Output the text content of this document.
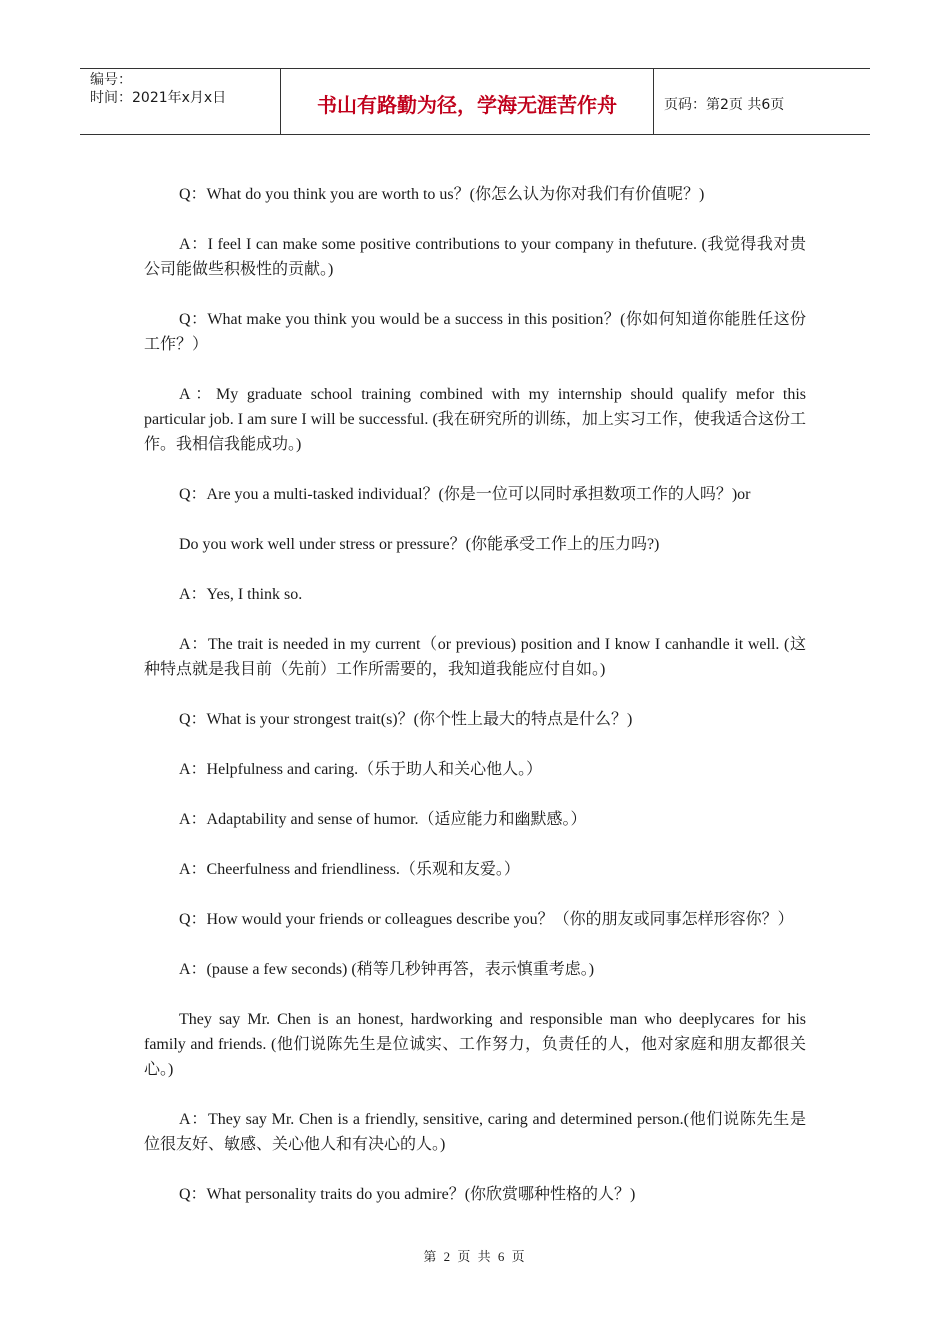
编号：
时间：2021年x月x日	书山有路勤为径，学海无涯苦作舟	页码：第2页 共6页

Q：What do you think you are worth to us？(你怎么认为你对我们有价值呢？)

A：I feel I can make some positive contributions to your company in thefuture. (我觉得我对贵公司能做些积极性的贡献。)

Q：What make you think you would be a success in this position？(你如何知道你能胜任这份工作？）

A：My graduate school training combined with my internship should qualify mefor this particular job. I am sure I will be successful. (我在研究所的训练，加上实习工作，使我适合这份工作。我相信我能成功。)

Q：Are you a multi-tasked individual？(你是一位可以同时承担数项工作的人吗？)or

Do you work well under stress or pressure？(你能承受工作上的压力吗?)

A：Yes, I think so.

A：The trait is needed in my current（or previous) position and I know I canhandle it well. (这种特点就是我目前（先前）工作所需要的，我知道我能应付自如。)

Q：What is your strongest trait(s)？(你个性上最大的特点是什么？)

A：Helpfulness and caring.（乐于助人和关心他人。）

A：Adaptability and sense of humor.（适应能力和幽默感。）

A：Cheerfulness and friendliness.（乐观和友爱。）

Q：How would your friends or colleagues describe you？（你的朋友或同事怎样形容你？）

A：(pause a few seconds) (稍等几秒钟再答，表示慎重考虑。)

They say Mr. Chen is an honest, hardworking and responsible man who deeplycares for his family and friends. (他们说陈先生是位诚实、工作努力，负责任的人，他对家庭和朋友都很关心。)

A：They say Mr. Chen is a friendly, sensitive, caring and determined person.(他们说陈先生是位很友好、敏感、关心他人和有决心的人。)

Q：What personality traits do you admire？(你欣赏哪种性格的人？)

第 2 页 共 6 页
